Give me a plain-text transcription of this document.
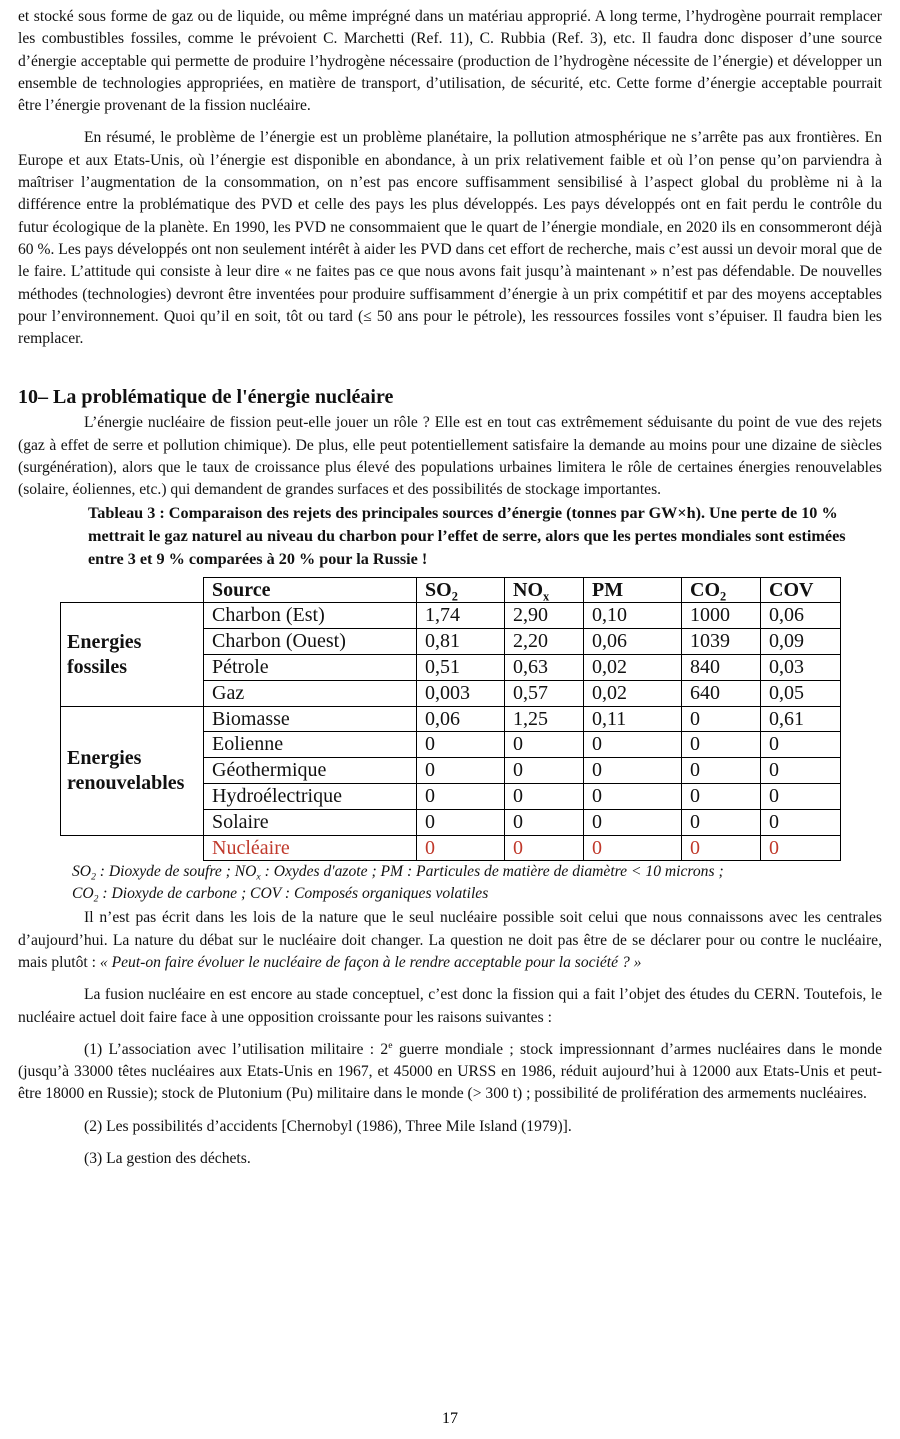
et stocké sous forme de gaz ou de liquide, ou même imprégné dans un matériau approprié. A long terme, l’hydrogène pourrait remplacer les combustibles fossiles, comme le prévoient C. Marchetti (Ref. 11), C. Rubbia (Ref. 3), etc. Il faudra donc disposer d’une source d’énergie acceptable qui permette de produire l’hydrogène nécessaire (production de l’hydrogène nécessite de l’énergie) et développer un ensemble de technologies appropriées, en matière de transport, d’utilisation, de sécurité, etc. Cette forme d’énergie acceptable pourrait être l’énergie provenant de la fission nucléaire.

En résumé, le problème de l’énergie est un problème planétaire, la pollution atmosphérique ne s’arrête pas aux frontières. En Europe et aux Etats-Unis, où l’énergie est disponible en abondance, à un prix relativement faible et où l’on pense qu’on parviendra à maîtriser l’augmentation de la consommation, on n’est pas encore suffisamment sensibilisé à l’aspect global du problème ni à la différence entre la problématique des PVD et celle des pays les plus développés. Les pays développés ont en fait perdu le contrôle du futur écologique de la planète. En 1990, les PVD ne consommaient que le quart de l’énergie mondiale, en 2020 ils en consommeront déjà 60 %. Les pays développés ont non seulement intérêt à aider les PVD dans cet effort de recherche, mais c’est aussi un devoir moral que de le faire. L’attitude qui consiste à leur dire « ne faites pas ce que nous avons fait jusqu’à maintenant » n’est pas défendable. De nouvelles méthodes (technologies) devront être inventées pour produire suffisamment d’énergie à un prix compétitif et par des moyens acceptables pour l’environnement. Quoi qu’il en soit, tôt ou tard (≤ 50 ans pour le pétrole), les ressources fossiles vont s’épuiser. Il faudra bien les remplacer.

10– La problématique de l'énergie nucléaire

L’énergie nucléaire de fission peut-elle jouer un rôle ? Elle est en tout cas extrêmement séduisante du point de vue des rejets (gaz à effet de serre et pollution chimique). De plus, elle peut potentiellement satisfaire la demande au moins pour une dizaine de siècles (surgénération), alors que le taux de croissance plus élevé des populations urbaines limitera le rôle de certaines énergies renouvelables (solaire, éoliennes, etc.) qui demandent de grandes surfaces et des possibilités de stockage importantes.

Tableau 3 : Comparaison des rejets des principales sources d’énergie (tonnes par GW×h). Une perte de 10 % mettrait le gaz naturel au niveau du charbon pour l’effet de serre, alors que les pertes mondiales sont estimées entre 3 et 9 % comparées à 20 % pour la Russie !
	Source	$SO_2$	$NO_x$	PM	$CO_2$	COV
Energies fossiles	Charbon (Est)	1,74	2,90	0,10	1000	0,06
	Charbon (Ouest)	0,81	2,20	0,06	1039	0,09
	Pétrole	0,51	0,63	0,02	840	0,03
	Gaz	0,003	0,57	0,02	640	0,05
Energies renouvelables	Biomasse	0,06	1,25	0,11	0	0,61
	Eolienne	0	0	0	0	0
	Géothermique	0	0	0	0	0
	Hydroélectrique	0	0	0	0	0
	Solaire	0	0	0	0	0
	Nucléaire	0	0	0	0	0
$SO_2$ : Dioxyde de soufre ; $NO_x$ : Oxydes d'azote ; PM : Particules de matière de diamètre < 10 microns ;
$CO_2$ : Dioxyde de carbone ; COV : Composés organiques volatiles

Il n’est pas écrit dans les lois de la nature que le seul nucléaire possible soit celui que nous connaissons avec les centrales d’aujourd’hui. La nature du débat sur le nucléaire doit changer. La question ne doit pas être de se déclarer pour ou contre le nucléaire, mais plutôt : « Peut-on faire évoluer le nucléaire de façon à le rendre acceptable pour la société ? »

La fusion nucléaire en est encore au stade conceptuel, c’est donc la fission qui a fait l’objet des études du CERN. Toutefois, le nucléaire actuel doit faire face à une opposition croissante pour les raisons suivantes :

(1) L’association avec l’utilisation militaire : 2e guerre mondiale ; stock impressionnant d’armes nucléaires dans le monde (jusqu’à 33000 têtes nucléaires aux Etats-Unis en 1967, et 45000 en URSS en 1986, réduit aujourd’hui à 12000 aux Etats-Unis et peut-être 18000 en Russie); stock de Plutonium (Pu) militaire dans le monde (> 300 t) ; possibilité de prolifération des armements nucléaires.

(2) Les possibilités d’accidents [Chernobyl (1986), Three Mile Island (1979)].

(3) La gestion des déchets.

17
